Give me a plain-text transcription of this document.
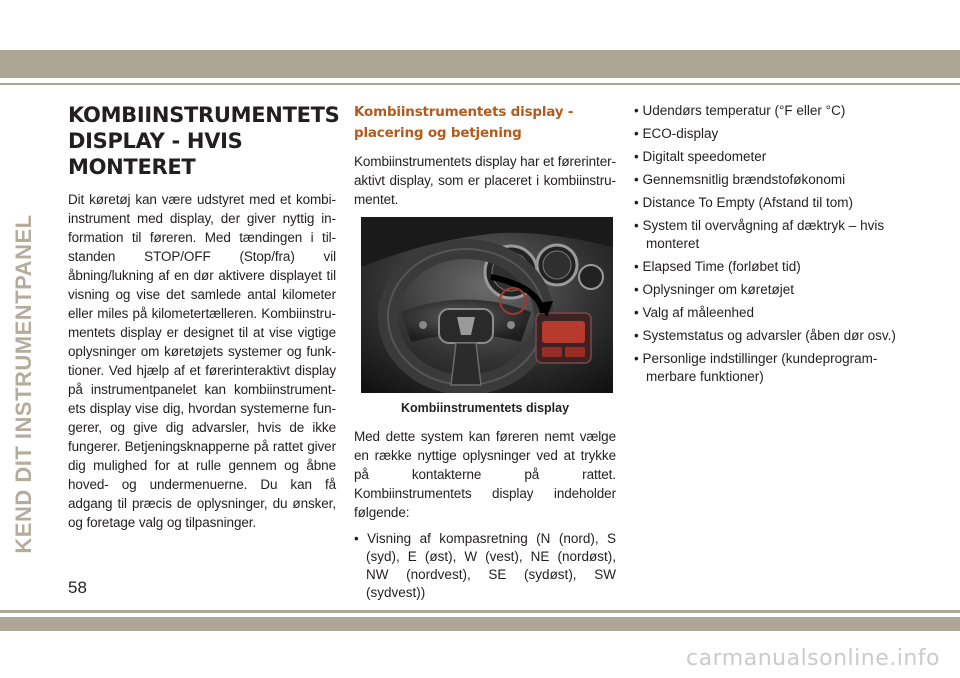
KEND DIT INSTRUMENTPANEL
KOMBIINSTRUMENTETS
DISPLAY - HVIS MONTERET

Dit køretøj kan være udstyret med et kombiinstrument med display, der giver nyttig information til føreren. Med tændingen i tilstanden STOP/OFF (Stop/fra) vil åbning/lukning af en dør aktivere displayet til visning og vise det samlede antal kilometer eller miles på kilometertælleren. Kombiinstrumentets display er designet til at vise vigtige oplysninger om køretøjets systemer og funktioner. Ved hjælp af et førerinteraktivt display på instrumentpanelet kan kombiinstrumentets display vise dig, hvordan systemerne fungerer, og give dig advarsler, hvis de ikke fungerer. Betjeningsknapperne på rattet giver dig mulighed for at rulle gennem og åbne hoved- og undermenuerne. Du kan få adgang til præcis de oplysninger, du ønsker, og foretage valg og tilpasninger.

Kombiinstrumentets display - placering og betjening

Kombiinstrumentets display har et førerinteraktivt display, som er placeret i kombiinstrumentet.

Kombiinstrumentets display

Med dette system kan føreren nemt vælge en række nyttige oplysninger ved at trykke på kontakterne på rattet. Kombiinstrumentets display indeholder følgende:

• Visning af kompasretning (N (nord), S (syd), E (øst), W (vest), NE (nordøst), NW (nordvest), SE (sydøst), SW (sydvest))
• Udendørs temperatur (°F eller °C)
• ECO-display
• Digitalt speedometer
• Gennemsnitlig brændstoføkonomi
• Distance To Empty (Afstand til tom)
• System til overvågning af dæktryk – hvis monteret
• Elapsed Time (forløbet tid)
• Oplysninger om køretøjet
• Valg af måleenhed
• Systemstatus og advarsler (åben dør osv.)
• Personlige indstillinger (kundeprogrammerbare funktioner)
58
carmanualsonline.info
